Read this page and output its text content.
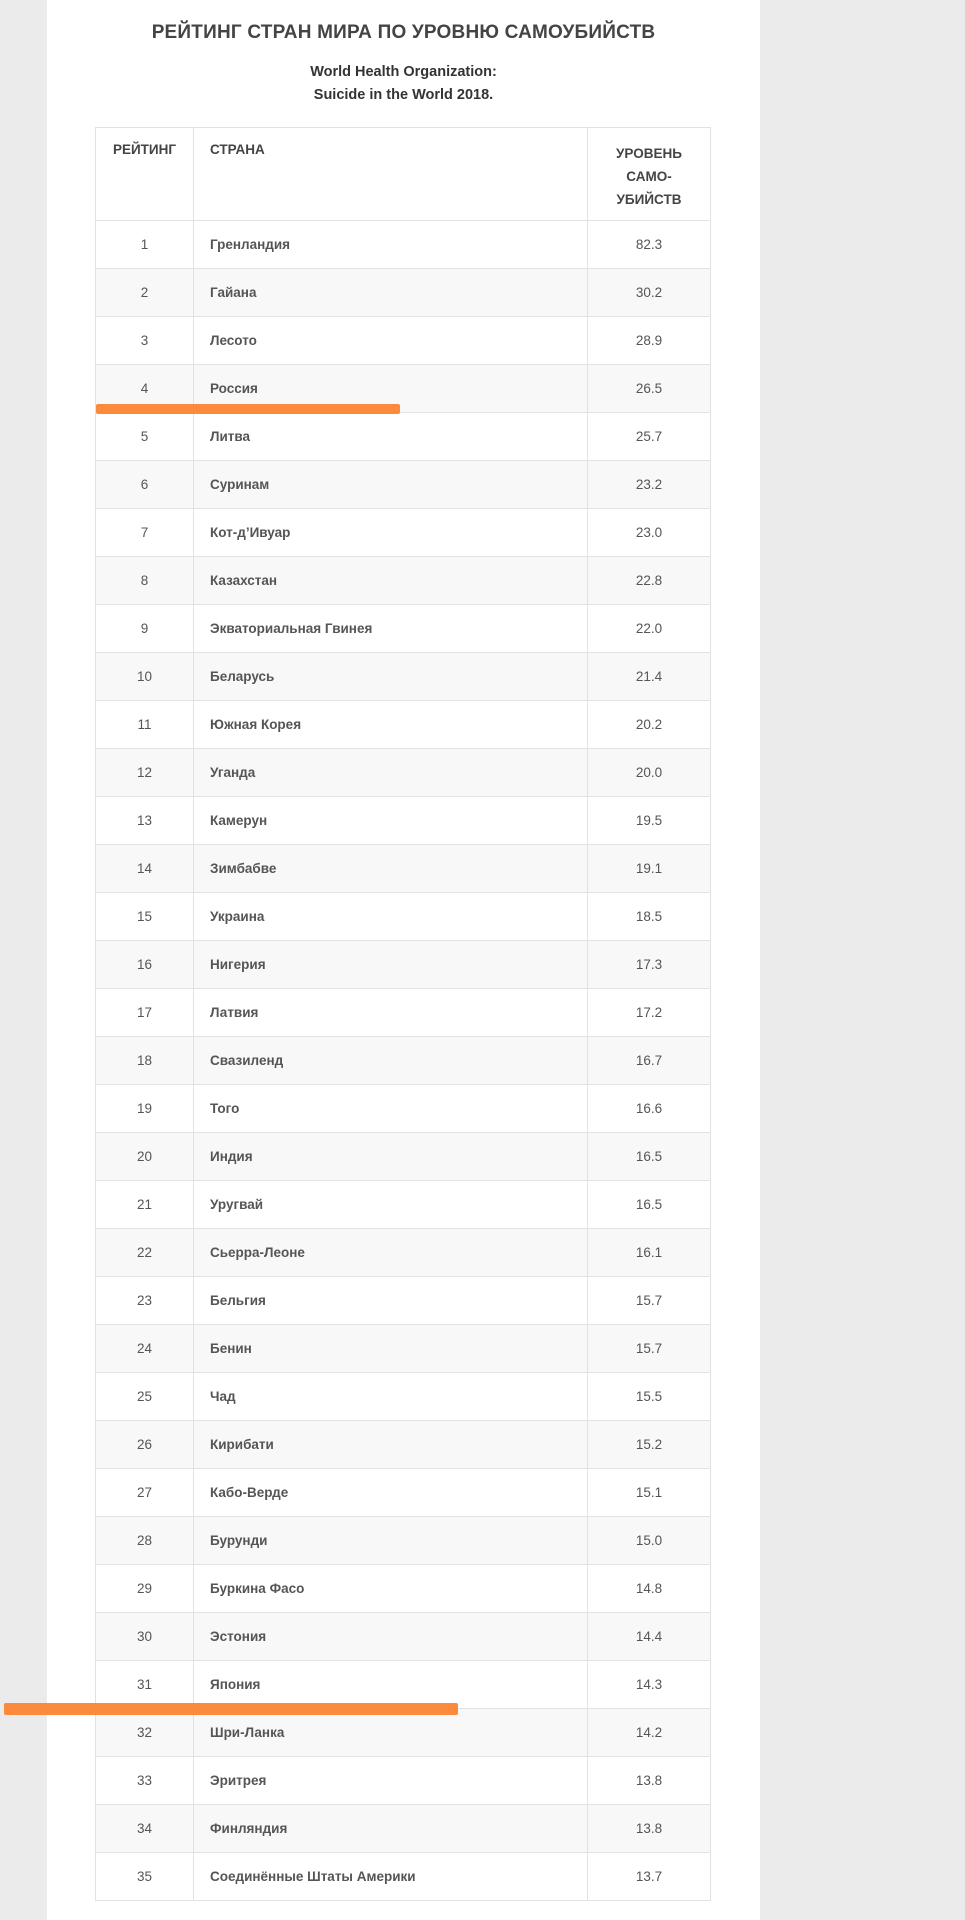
РЕЙТИНГ СТРАН МИРА ПО УРОВНЮ САМОУБИЙСТВ
World Health Organization:
Suicide in the World 2018.
РЕЙТИНГ	СТРАНА	УРОВЕНЬ
САМО-
УБИЙСТВ

1	Гренландия	82.3
2	Гайана	30.2
3	Лесото	28.9
4	Россия	26.5
5	Литва	25.7
6	Суринам	23.2
7	Кот-д’Ивуар	23.0
8	Казахстан	22.8
9	Экваториальная Гвинея	22.0
10	Беларусь	21.4
11	Южная Корея	20.2
12	Уганда	20.0
13	Камерун	19.5
14	Зимбабве	19.1
15	Украина	18.5
16	Нигерия	17.3
17	Латвия	17.2
18	Свазиленд	16.7
19	Того	16.6
20	Индия	16.5
21	Уругвай	16.5
22	Сьерра-Леоне	16.1
23	Бельгия	15.7
24	Бенин	15.7
25	Чад	15.5
26	Кирибати	15.2
27	Кабо-Верде	15.1
28	Бурунди	15.0
29	Буркина Фасо	14.8
30	Эстония	14.4
31	Япония	14.3
32	Шри-Ланка	14.2
33	Эритрея	13.8
34	Финляндия	13.8
35	Соединённые Штаты Америки	13.7
